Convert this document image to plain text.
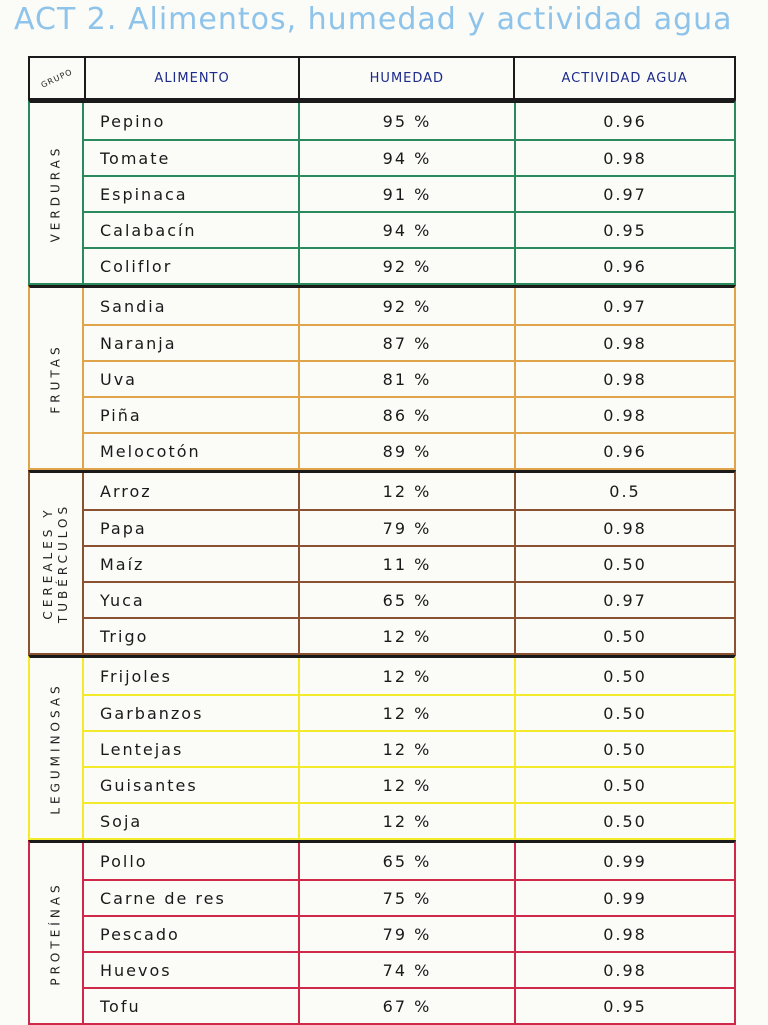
ACT 2. Alimentos, humedad y actividad agua
GRUPO	ALIMENTO	HUMEDAD	ACTIVIDAD AGUA
VERDURAS
Pepino	95 %	0.96
Tomate	94 %	0.98
Espinaca	91 %	0.97
Calabacín	94 %	0.95
Coliflor	92 %	0.96
FRUTAS
Sandia	92 %	0.97
Naranja	87 %	0.98
Uva	81 %	0.98
Piña	86 %	0.98
Melocotón	89 %	0.96
CEREALES Y TUBÉRCULOS
Arroz	12 %	0.5
Papa	79 %	0.98
Maíz	11 %	0.50
Yuca	65 %	0.97
Trigo	12 %	0.50
LEGUMINOSAS
Frijoles	12 %	0.50
Garbanzos	12 %	0.50
Lentejas	12 %	0.50
Guisantes	12 %	0.50
Soja	12 %	0.50
PROTEÍNAS
Pollo	65 %	0.99
Carne de res	75 %	0.99
Pescado	79 %	0.98
Huevos	74 %	0.98
Tofu	67 %	0.95
